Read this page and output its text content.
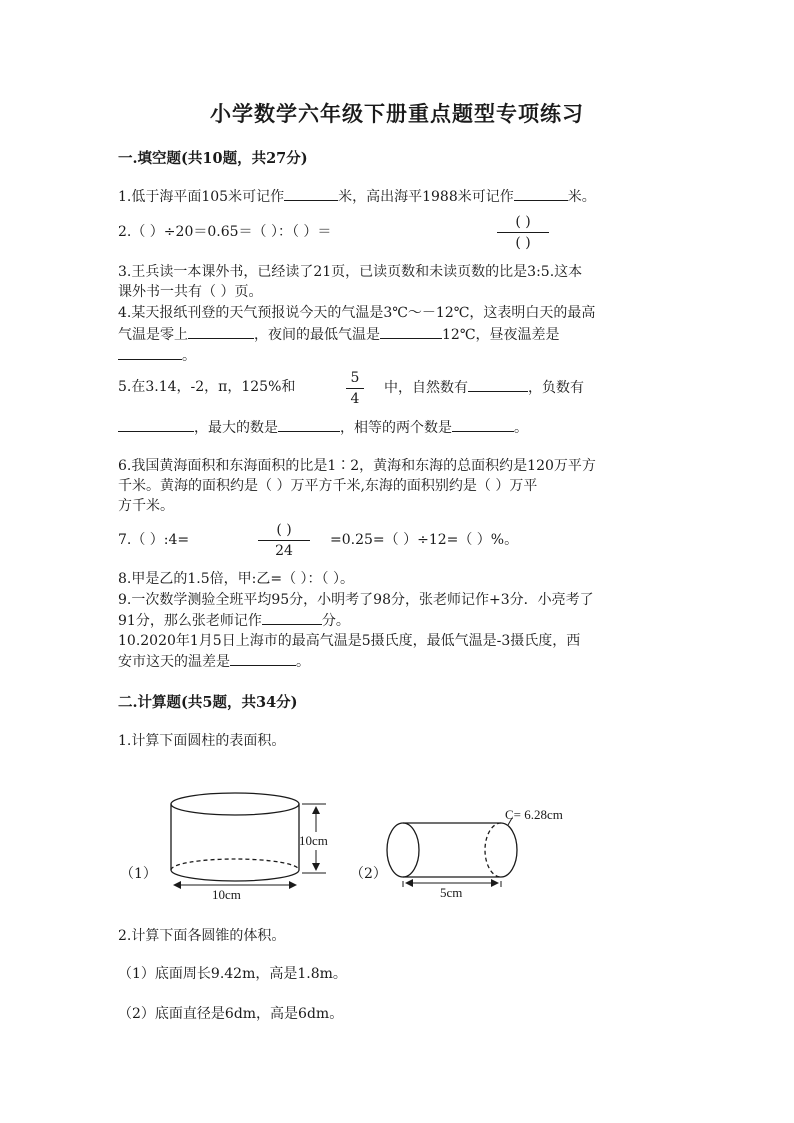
小学数学六年级下册重点题型专项练习
一.填空题(共10题，共27分)
1.低于海平面105米可记作	米，高出海平1988米可记作	米。
2.（ ）÷20＝0.65＝（ ）：（ ）＝
( )
( )
3.王兵读一本课外书，已经读了21页，已读页数和未读页数的比是3:5.这本
课外书一共有（ ）页。
4.某天报纸刊登的天气预报说今天的气温是3℃～－12℃，这表明白天的最高
气温是零上	，夜间的最低气温是	12℃，昼夜温差是
。
5.在3.14，-2，π，125%和
5
4
中，自然数有	，负数有
，最大的数是	，相等的两个数是	。
6.我国黄海面积和东海面积的比是1∶2，黄海和东海的总面积约是120万平方
千米。黄海的面积约是（ ）万平方千米,东海的面积别约是（ ）万平
方千米。
7.（ ）:4=
( )
24
=0.25=（ ）÷12=（ ）%。
8.甲是乙的1.5倍，甲:乙=（ ）：（ ）。
9.一次数学测验全班平均95分，小明考了98分，张老师记作+3分．小亮考了
91分，那么张老师记作	分。
10.2020年1月5日上海市的最高气温是5摄氏度，最低气温是-3摄氏度，西
安市这天的温差是	。
二.计算题(共5题，共34分)
1.计算下面圆柱的表面积。
（1）
10cm
10cm
（2）
C= 6.28cm
5cm
2.计算下面各圆锥的体积。
（1）底面周长9.42m，高是1.8m。
（2）底面直径是6dm，高是6dm。
